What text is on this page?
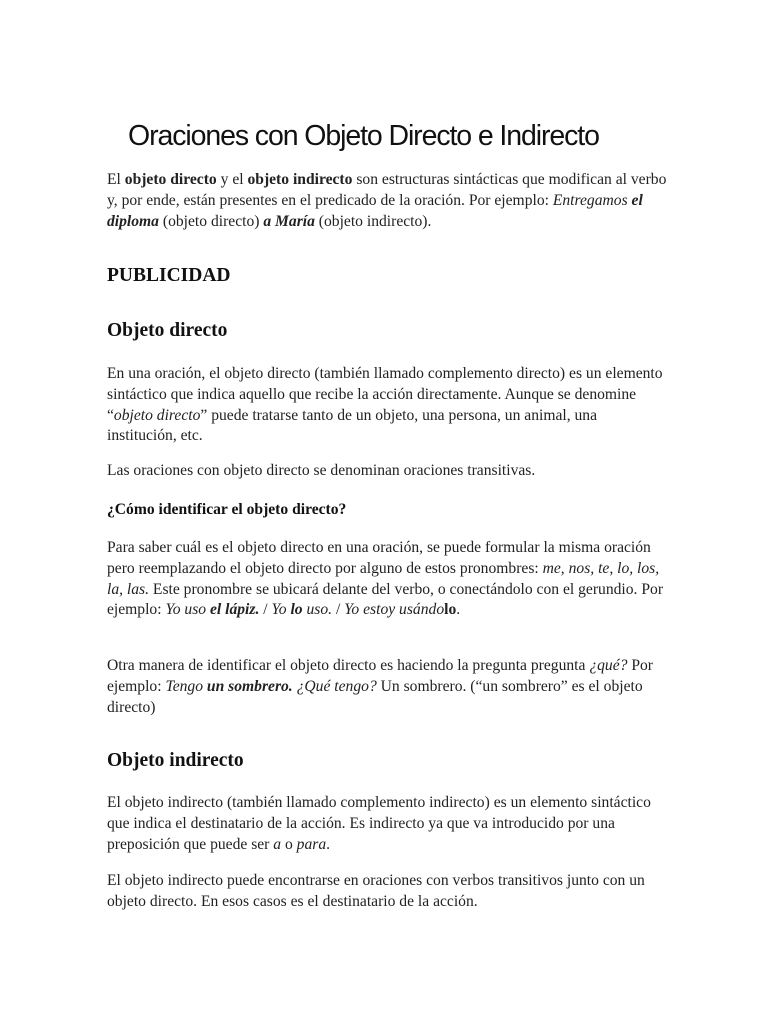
Oraciones con Objeto Directo e Indirecto

El objeto directo y el objeto indirecto son estructuras sintácticas que modifican al verbo y, por ende, están presentes en el predicado de la oración. Por ejemplo: Entregamos el diploma (objeto directo) a María (objeto indirecto).

PUBLICIDAD
Objeto directo

En una oración, el objeto directo (también llamado complemento directo) es un elemento sintáctico que indica aquello que recibe la acción directamente. Aunque se denomine “objeto directo” puede tratarse tanto de un objeto, una persona, un animal, una institución, etc.

Las oraciones con objeto directo se denominan oraciones transitivas.

¿Cómo identificar el objeto directo?

Para saber cuál es el objeto directo en una oración, se puede formular la misma oración pero reemplazando el objeto directo por alguno de estos pronombres: me, nos, te, lo, los, la, las. Este pronombre se ubicará delante del verbo, o conectándolo con el gerundio. Por ejemplo: Yo uso el lápiz. / Yo lo uso. / Yo estoy usándolo.

Otra manera de identificar el objeto directo es haciendo la pregunta pregunta ¿qué? Por ejemplo: Tengo un sombrero. ¿Qué tengo? Un sombrero. (“un sombrero” es el objeto directo)

Objeto indirecto

El objeto indirecto (también llamado complemento indirecto) es un elemento sintáctico que indica el destinatario de la acción. Es indirecto ya que va introducido por una preposición que puede ser a o para.

El objeto indirecto puede encontrarse en oraciones con verbos transitivos junto con un objeto directo. En esos casos es el destinatario de la acción.
